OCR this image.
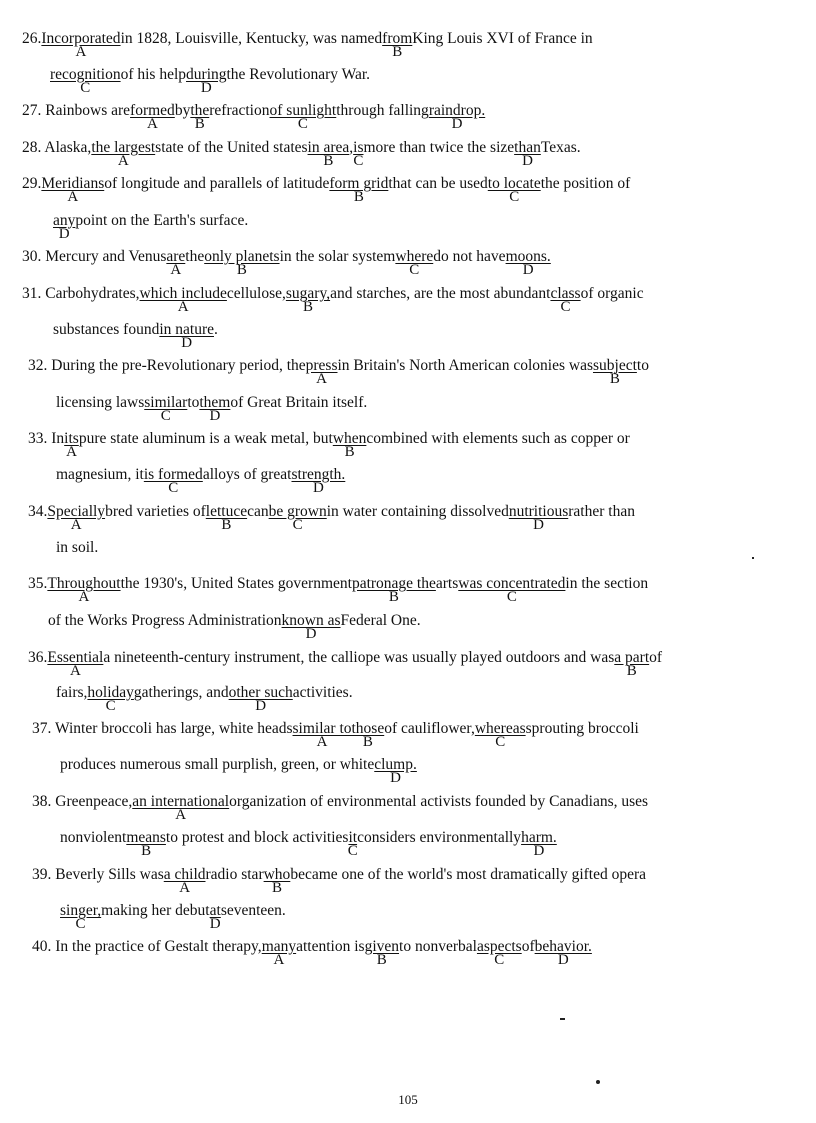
26.Incorporated
A
in 1828, Louisville, Kentucky, was namedfrom
B
King Louis XVI of France in
recognition
C
of his helpduring
D
the Revolutionary War.
27. Rainbows areformed
A
bythe
B
refractionof sunlight
C
through fallingraindrop.
D
28. Alaska,the largest
A
state of the United statesin area
B
,is
C
more than twice the sizethan
D
Texas.
29.Meridians
A
of longitude and parallels of latitudeform grid
B
that can be usedto locate
C
the position of
any
D
point on the Earth's surface.
30. Mercury and Venusare
A
theonly planets
B
in the solar systemwhere
C
do not havemoons.
D
31. Carbohydrates,which include
A
cellulose,sugary,
B
and starches, are the most abundantclass
C
of organic
substances foundin nature
D
.
32. During the pre-Revolutionary period, thepress
A
in Britain's North American colonies wassubject
B
to
licensing lawssimilar
C
tothem
D
of Great Britain itself.
33. Inits
A
pure state aluminum is a weak metal, butwhen
B
combined with elements such as copper or
magnesium, itis formed
C
alloys of greatstrength.
D
34.Specially
A
bred varieties oflettuce
B
canbe grown
C
in water containing dissolvednutritious
D
rather than
in soil.
35.Throughout
A
the 1930's, United States governmentpatronage the
B
artswas concentrated
C
in the section
of the Works Progress Administrationknown as
D
Federal One.
36.Essential
A
a nineteenth-century instrument, the calliope was usually played outdoors and wasa part
B
of
fairs,holiday
C
gatherings, andother such
D
activities.
37. Winter broccoli has large, white headssimilar to
A
those
B
of cauliflower,whereas
C
sprouting broccoli
produces numerous small purplish, green, or whiteclump.
D
38. Greenpeace,an international
A
organization of environmental activists founded by Canadians, uses
nonviolentmeans
B
to protest and block activitiesit
C
considers environmentallyharm.
D
39. Beverly Sills wasa child
A
radio starwho
B
became one of the world's most dramatically gifted opera
singer,
C
making her debutat
D
seventeen.
40. In the practice of Gestalt therapy,many
A
attention isgiven
B
to nonverbalaspects
C
ofbehavior.
D
105
